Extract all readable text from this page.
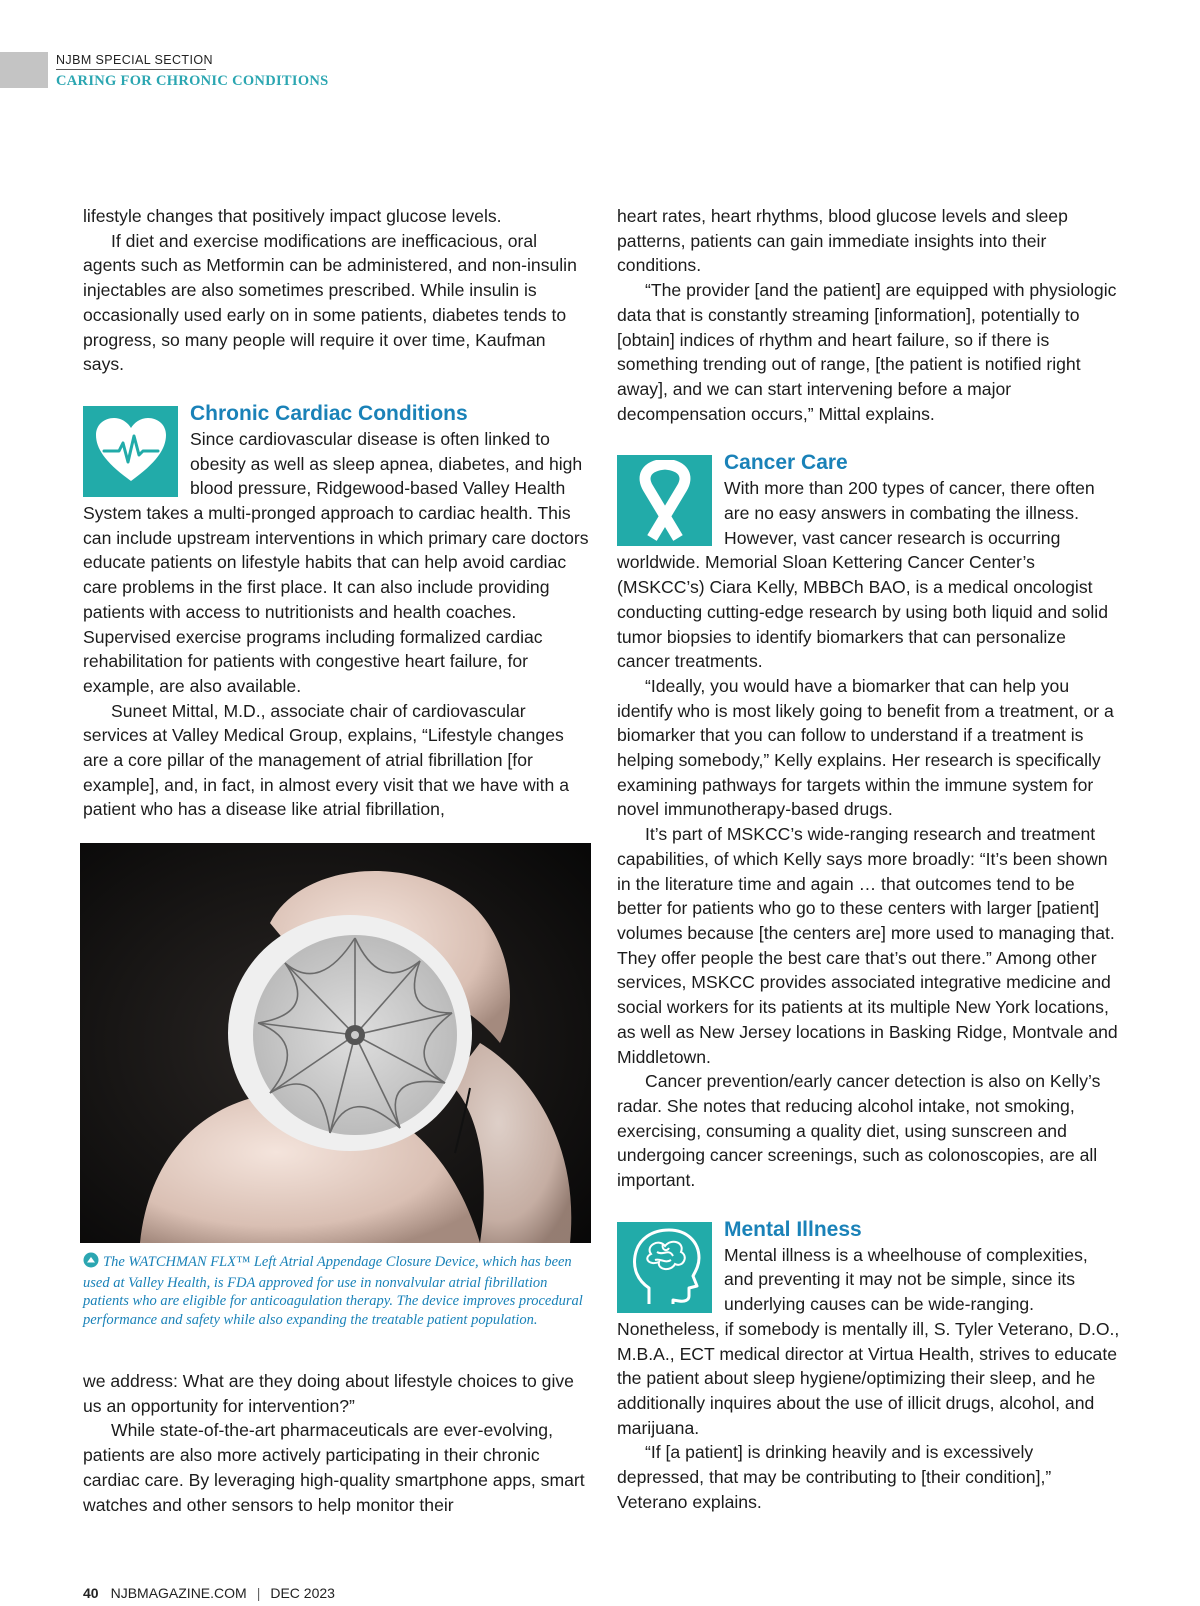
NJBM SPECIAL SECTION
CARING FOR CHRONIC CONDITIONS

lifestyle changes that positively impact glucose levels.

If diet and exercise modifications are inefficacious, oral agents such as Metformin can be administered, and non-insulin injectables are also sometimes prescribed. While insulin is occasionally used early on in some patients, diabetes tends to progress, so many people will require it over time, Kaufman says.

Chronic Cardiac Conditions

Since cardiovascular disease is often linked to obesity as well as sleep apnea, diabetes, and high blood pressure, Ridgewood-based Valley Health System takes a multi-pronged approach to cardiac health. This can include upstream interventions in which primary care doctors educate patients on lifestyle habits that can help avoid cardiac care problems in the first place. It can also include providing patients with access to nutritionists and health coaches. Supervised exercise programs including formalized cardiac rehabilitation for patients with congestive heart failure, for example, are also available.

Suneet Mittal, M.D., associate chair of cardiovascular services at Valley Medical Group, explains, “Lifestyle changes are a core pillar of the management of atrial fibrillation [for example], and, in fact, in almost every visit that we have with a patient who has a disease like atrial fibrillation,

The WATCHMAN FLX™ Left Atrial Appendage Closure Device, which has been used at Valley Health, is FDA approved for use in nonvalvular atrial fibrillation patients who are eligible for anticoagulation therapy. The device improves procedural performance and safety while also expanding the treatable patient population.

we address: What are they doing about lifestyle choices to give us an opportunity for intervention?”

While state-of-the-art pharmaceuticals are ever-evolving, patients are also more actively participating in their chronic cardiac care. By leveraging high-quality smartphone apps, smart watches and other sensors to help monitor their

heart rates, heart rhythms, blood glucose levels and sleep patterns, patients can gain immediate insights into their conditions.

“The provider [and the patient] are equipped with physiologic data that is constantly streaming [information], potentially to [obtain] indices of rhythm and heart failure, so if there is something trending out of range, [the patient is notified right away], and we can start intervening before a major decompensation occurs,” Mittal explains.

Cancer Care

With more than 200 types of cancer, there often are no easy answers in combating the illness. However, vast cancer research is occurring worldwide. Memorial Sloan Kettering Cancer Center’s (MSKCC’s) Ciara Kelly, MBBCh BAO, is a medical oncologist conducting cutting-edge research by using both liquid and solid tumor biopsies to identify biomarkers that can personalize cancer treatments.

“Ideally, you would have a biomarker that can help you identify who is most likely going to benefit from a treatment, or a biomarker that you can follow to understand if a treatment is helping somebody,” Kelly explains. Her research is specifically examining pathways for targets within the immune system for novel immunotherapy-based drugs.

It’s part of MSKCC’s wide-ranging research and treatment capabilities, of which Kelly says more broadly: “It’s been shown in the literature time and again … that outcomes tend to be better for patients who go to these centers with larger [patient] volumes because [the centers are] more used to managing that. They offer people the best care that’s out there.” Among other services, MSKCC provides associated integrative medicine and social workers for its patients at its multiple New York locations, as well as New Jersey locations in Basking Ridge, Montvale and Middletown.

Cancer prevention/early cancer detection is also on Kelly’s radar. She notes that reducing alcohol intake, not smoking, exercising, consuming a quality diet, using sunscreen and undergoing cancer screenings, such as colonoscopies, are all important.

Mental Illness

Mental illness is a wheelhouse of complexities, and preventing it may not be simple, since its underlying causes can be wide-ranging. Nonetheless, if somebody is mentally ill, S. Tyler Veterano, D.O., M.B.A., ECT medical director at Virtua Health, strives to educate the patient about sleep hygiene/optimizing their sleep, and he additionally inquires about the use of illicit drugs, alcohol, and marijuana.

“If [a patient] is drinking heavily and is excessively depressed, that may be contributing to [their condition],” Veterano explains.

40 NJBMAGAZINE.COM | DEC 2023
